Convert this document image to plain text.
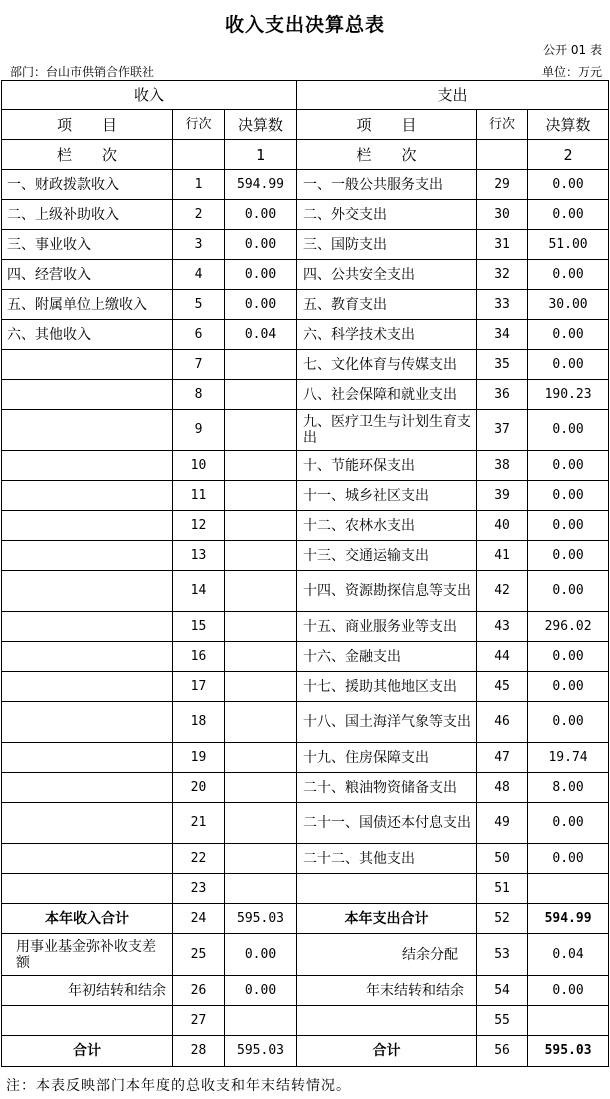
收入支出决算总表
公开 01 表
部门：台山市供销合作联社	单位：万元
收入			支出		
项　　目	行次	决算数	项　　目	行次	决算数
栏　　次		1	栏　　次		2
一、财政拨款收入	1	594.99	一、一般公共服务支出	29	0.00
二、上级补助收入	2	0.00	二、外交支出	30	0.00
三、事业收入	3	0.00	三、国防支出	31	51.00
四、经营收入	4	0.00	四、公共安全支出	32	0.00
五、附属单位上缴收入	5	0.00	五、教育支出	33	30.00
六、其他收入	6	0.04	六、科学技术支出	34	0.00
	7		七、文化体育与传媒支出	35	0.00
	8		八、社会保障和就业支出	36	190.23
	9		九、医疗卫生与计划生育支出	37	0.00
	10		十、节能环保支出	38	0.00
	11		十一、城乡社区支出	39	0.00
	12		十二、农林水支出	40	0.00
	13		十三、交通运输支出	41	0.00
	14		十四、资源勘探信息等支出	42	0.00
	15		十五、商业服务业等支出	43	296.02
	16		十六、金融支出	44	0.00
	17		十七、援助其他地区支出	45	0.00
	18		十八、国土海洋气象等支出	46	0.00
	19		十九、住房保障支出	47	19.74
	20		二十、粮油物资储备支出	48	8.00
	21		二十一、国债还本付息支出	49	0.00
	22		二十二、其他支出	50	0.00
	23			51	
本年收入合计	24	595.03	本年支出合计	52	594.99
用事业基金弥补收支差额	25	0.00	结余分配	53	0.04
年初结转和结余	26	0.00	年末结转和结余	54	0.00
	27			55	
合计	28	595.03	合计	56	595.03
注：本表反映部门本年度的总收支和年末结转情况。
